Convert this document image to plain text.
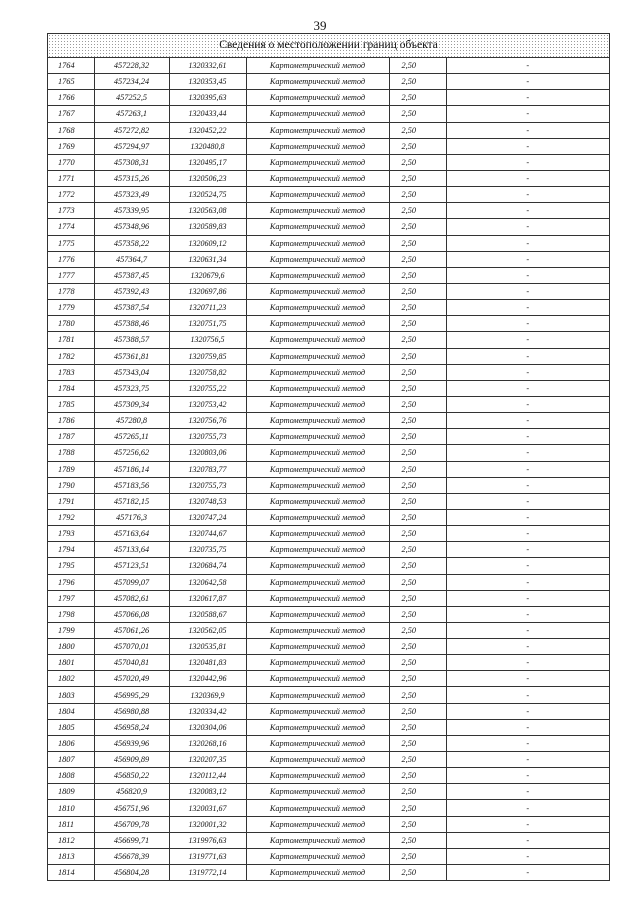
39
Сведения о местоположении границ объекта
1764	457228,32	1320332,61	Картометрический метод	2,50	-
1765	457234,24	1320353,45	Картометрический метод	2,50	-
1766	457252,5	1320395,63	Картометрический метод	2,50	-
1767	457263,1	1320433,44	Картометрический метод	2,50	-
1768	457272,82	1320452,22	Картометрический метод	2,50	-
1769	457294,97	1320480,8	Картометрический метод	2,50	-
1770	457308,31	1320495,17	Картометрический метод	2,50	-
1771	457315,26	1320506,23	Картометрический метод	2,50	-
1772	457323,49	1320524,75	Картометрический метод	2,50	-
1773	457339,95	1320563,08	Картометрический метод	2,50	-
1774	457348,96	1320589,83	Картометрический метод	2,50	-
1775	457358,22	1320609,12	Картометрический метод	2,50	-
1776	457364,7	1320631,34	Картометрический метод	2,50	-
1777	457387,45	1320679,6	Картометрический метод	2,50	-
1778	457392,43	1320697,86	Картометрический метод	2,50	-
1779	457387,54	1320711,23	Картометрический метод	2,50	-
1780	457388,46	1320751,75	Картометрический метод	2,50	-
1781	457388,57	1320756,5	Картометрический метод	2,50	-
1782	457361,81	1320759,85	Картометрический метод	2,50	-
1783	457343,04	1320758,82	Картометрический метод	2,50	-
1784	457323,75	1320755,22	Картометрический метод	2,50	-
1785	457309,34	1320753,42	Картометрический метод	2,50	-
1786	457280,8	1320756,76	Картометрический метод	2,50	-
1787	457265,11	1320755,73	Картометрический метод	2,50	-
1788	457256,62	1320803,06	Картометрический метод	2,50	-
1789	457186,14	1320783,77	Картометрический метод	2,50	-
1790	457183,56	1320755,73	Картометрический метод	2,50	-
1791	457182,15	1320748,53	Картометрический метод	2,50	-
1792	457176,3	1320747,24	Картометрический метод	2,50	-
1793	457163,64	1320744,67	Картометрический метод	2,50	-
1794	457133,64	1320735,75	Картометрический метод	2,50	-
1795	457123,51	1320684,74	Картометрический метод	2,50	-
1796	457099,07	1320642,58	Картометрический метод	2,50	-
1797	457082,61	1320617,87	Картометрический метод	2,50	-
1798	457066,08	1320588,67	Картометрический метод	2,50	-
1799	457061,26	1320562,05	Картометрический метод	2,50	-
1800	457070,01	1320535,81	Картометрический метод	2,50	-
1801	457040,81	1320481,83	Картометрический метод	2,50	-
1802	457020,49	1320442,96	Картометрический метод	2,50	-
1803	456995,29	1320369,9	Картометрический метод	2,50	-
1804	456980,88	1320334,42	Картометрический метод	2,50	-
1805	456958,24	1320304,06	Картометрический метод	2,50	-
1806	456939,96	1320268,16	Картометрический метод	2,50	-
1807	456909,89	1320207,35	Картометрический метод	2,50	-
1808	456850,22	1320112,44	Картометрический метод	2,50	-
1809	456820,9	1320083,12	Картометрический метод	2,50	-
1810	456751,96	1320031,67	Картометрический метод	2,50	-
1811	456709,78	1320001,32	Картометрический метод	2,50	-
1812	456699,71	1319976,63	Картометрический метод	2,50	-
1813	456678,39	1319771,63	Картометрический метод	2,50	-
1814	456804,28	1319772,14	Картометрический метод	2,50	-
